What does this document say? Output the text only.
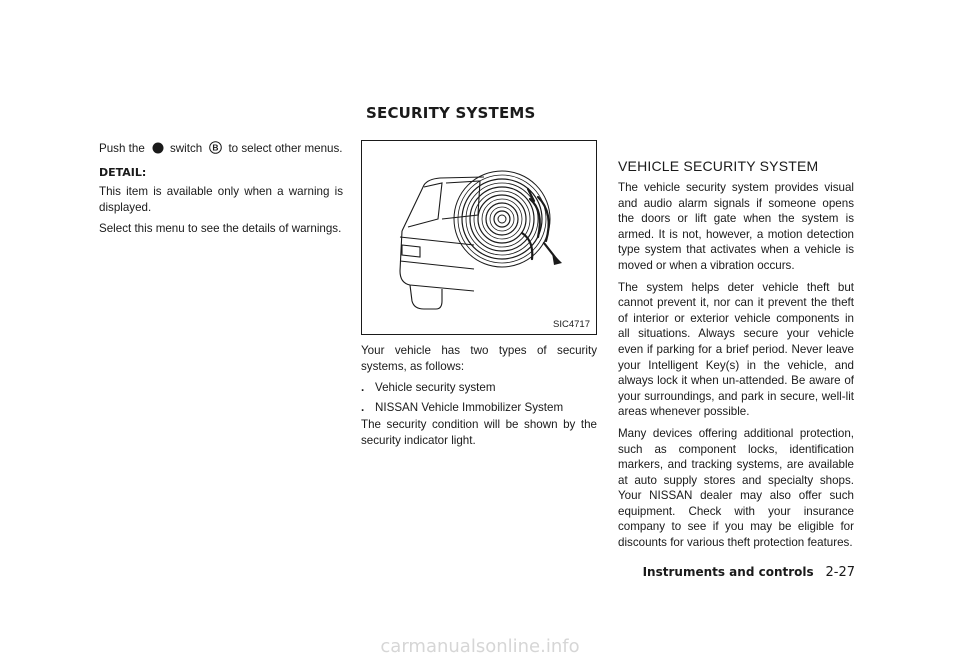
SECURITY SYSTEMS

Push the switch B to select other menus.

DETAIL:

This item is available only when a warning is displayed.

Select this menu to see the details of warnings.

SIC4717

Your vehicle has two types of security systems, as follows:

. Vehicle security system
. NISSAN Vehicle Immobilizer System

The security condition will be shown by the security indicator light.

VEHICLE SECURITY SYSTEM

The vehicle security system provides visual and audio alarm signals if someone opens the doors or lift gate when the system is armed. It is not, however, a motion detection type system that activates when a vehicle is moved or when a vibration occurs.

The system helps deter vehicle theft but cannot prevent it, nor can it prevent the theft of interior or exterior vehicle components in all situations. Always secure your vehicle even if parking for a brief period. Never leave your Intelligent Key(s) in the vehicle, and always lock it when un-attended. Be aware of your surroundings, and park in secure, well-lit areas whenever possible.

Many devices offering additional protection, such as component locks, identification markers, and tracking systems, are available at auto supply stores and specialty shops. Your NISSAN dealer may also offer such equipment. Check with your insurance company to see if you may be eligible for discounts for various theft protection features.

Instruments and controls 2-27
carmanualsonline.info
